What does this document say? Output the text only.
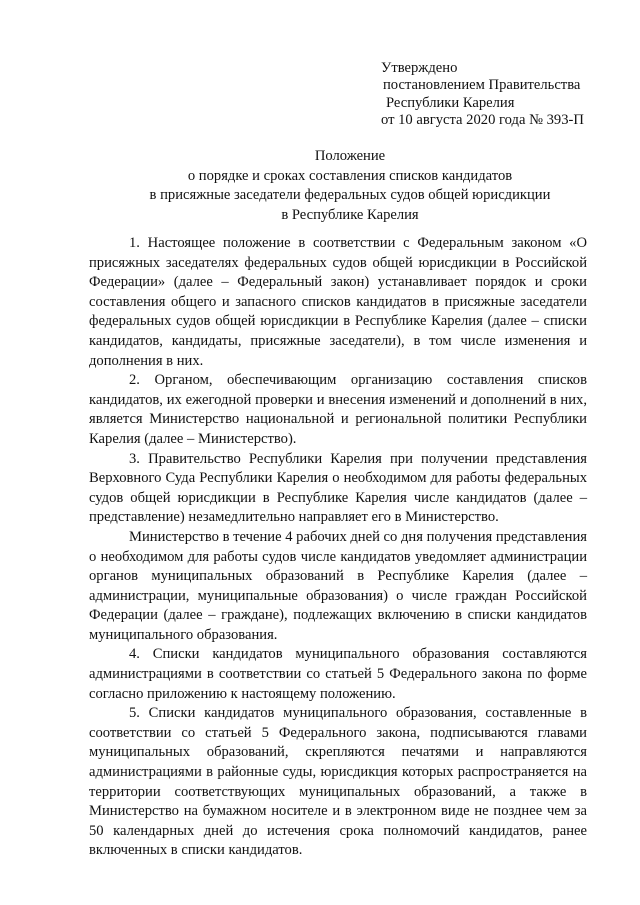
Утверждено
постановлением Правительства
Республики Карелия
от 10 августа 2020 года № 393-П
Положение
о порядке и сроках составления списков кандидатов
в присяжные заседатели федеральных судов общей юрисдикции
в Республике Карелия

1. Настоящее положение в соответствии с Федеральным законом «О присяжных заседателях федеральных судов общей юрисдикции в Российской Федерации» (далее – Федеральный закон) устанавливает порядок и сроки составления общего и запасного списков кандидатов в присяжные заседатели федеральных судов общей юрисдикции в Республике Карелия (далее – списки кандидатов, кандидаты, присяжные заседатели), в том числе изменения и дополнения в них.

2. Органом, обеспечивающим организацию составления списков кандидатов, их ежегодной проверки и внесения изменений и дополнений в них, является Министерство национальной и региональной политики Республики Карелия (далее – Министерство).

3. Правительство Республики Карелия при получении представления Верховного Суда Республики Карелия о необходимом для работы федеральных судов общей юрисдикции в Республике Карелия числе кандидатов (далее – представление) незамедлительно направляет его в Министерство.

Министерство в течение 4 рабочих дней со дня получения представления о необходимом для работы судов числе кандидатов уведомляет администрации органов муниципальных образований в Республике Карелия (далее – администрации, муниципальные образования) о числе граждан Российской Федерации (далее – граждане), подлежащих включению в списки кандидатов муниципального образования.

4. Списки кандидатов муниципального образования составляются администрациями в соответствии со статьей 5 Федерального закона по форме согласно приложению к настоящему положению.

5. Списки кандидатов муниципального образования, составленные в соответствии со статьей 5 Федерального закона, подписываются главами муниципальных образований, скрепляются печатями и направляются администрациями в районные суды, юрисдикция которых распространяется на территории соответствующих муниципальных образований, а также в Министерство на бумажном носителе и в электронном виде не позднее чем за 50 календарных дней до истечения срока полномочий кандидатов, ранее включенных в списки кандидатов.
